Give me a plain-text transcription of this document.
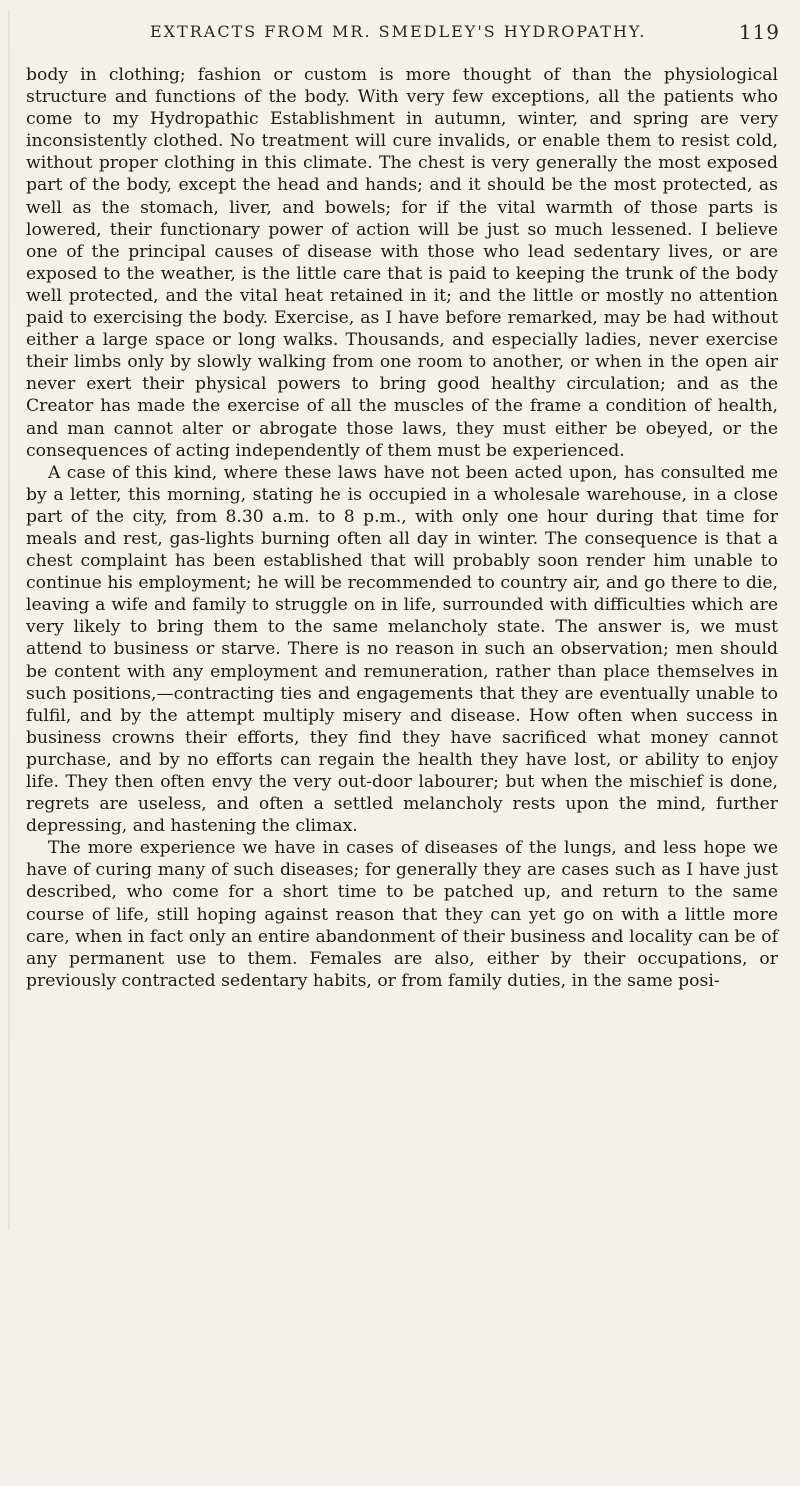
EXTRACTS FROM MR. SMEDLEY'S HYDROPATHY.	119

body in clothing; fashion or custom is more thought of than the physiological structure and functions of the body. With very few exceptions, all the patients who come to my Hydropathic Establishment in autumn, winter, and spring are very inconsistently clothed. No treatment will cure invalids, or enable them to resist cold, without proper clothing in this climate. The chest is very generally the most exposed part of the body, except the head and hands; and it should be the most protected, as well as the stomach, liver, and bowels; for if the vital warmth of those parts is lowered, their functionary power of action will be just so much lessened. I believe one of the principal causes of disease with those who lead sedentary lives, or are exposed to the weather, is the little care that is paid to keeping the trunk of the body well protected, and the vital heat retained in it; and the little or mostly no attention paid to exercising the body. Exercise, as I have before remarked, may be had without either a large space or long walks. Thousands, and especially ladies, never exercise their limbs only by slowly walking from one room to another, or when in the open air never exert their physical powers to bring good healthy circulation; and as the Creator has made the exercise of all the muscles of the frame a condition of health, and man cannot alter or abrogate those laws, they must either be obeyed, or the consequences of acting independently of them must be experienced.

A case of this kind, where these laws have not been acted upon, has consulted me by a letter, this morning, stating he is occupied in a wholesale warehouse, in a close part of the city, from 8.30 a.m. to 8 p.m., with only one hour during that time for meals and rest, gas-lights burning often all day in winter. The consequence is that a chest complaint has been established that will probably soon render him unable to continue his employment; he will be recommended to country air, and go there to die, leaving a wife and family to struggle on in life, surrounded with difficulties which are very likely to bring them to the same melancholy state. The answer is, we must attend to business or starve. There is no reason in such an observation; men should be content with any employment and remuneration, rather than place themselves in such positions,—contracting ties and engagements that they are eventually unable to fulfil, and by the attempt multiply misery and disease. How often when success in business crowns their efforts, they find they have sacrificed what money cannot purchase, and by no efforts can regain the health they have lost, or ability to enjoy life. They then often envy the very out-door labourer; but when the mischief is done, regrets are useless, and often a settled melancholy rests upon the mind, further depressing, and hastening the climax.

The more experience we have in cases of diseases of the lungs, and less hope we have of curing many of such diseases; for generally they are cases such as I have just described, who come for a short time to be patched up, and return to the same course of life, still hoping against reason that they can yet go on with a little more care, when in fact only an entire abandonment of their business and locality can be of any permanent use to them. Females are also, either by their occupations, or previously contracted sedentary habits, or from family duties, in the same posi-
